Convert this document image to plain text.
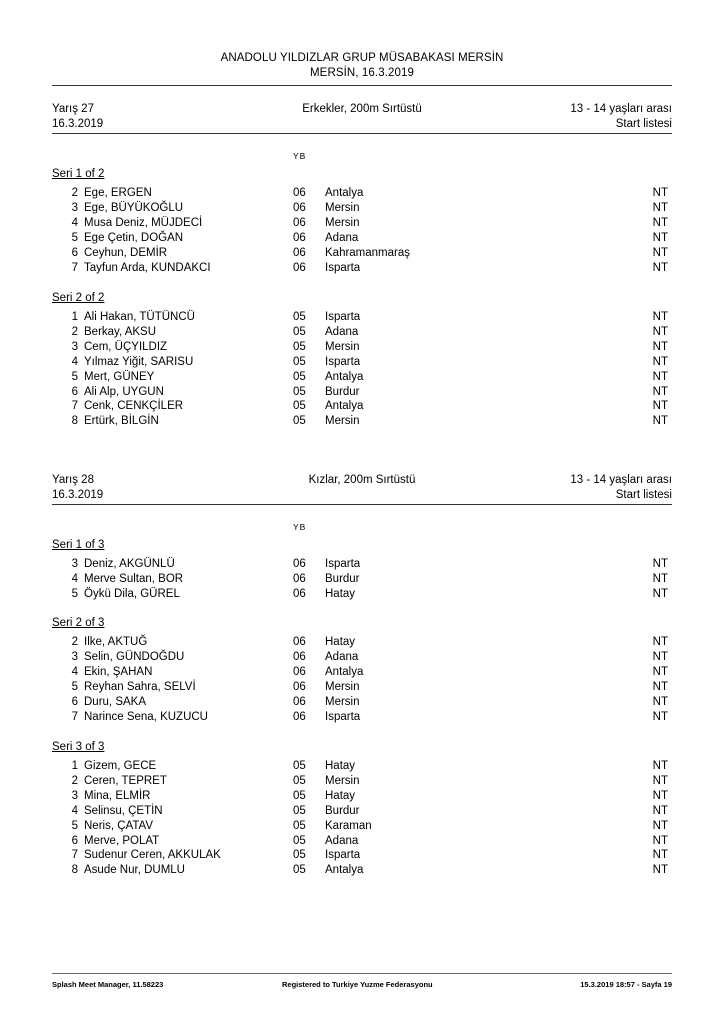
ANADOLU YILDIZLAR GRUP MÜSABAKASI MERSİN
MERSİN, 16.3.2019
Yarış 27
16.3.2019
Erkekler, 200m Sırtüstü	13 - 14 yaşları arası
Start listesi
YB
Seri 1 of 2
2 Ege, ERGEN	06 Antalya	NT
3 Ege, BÜYÜKOĞLU	06 Mersin	NT
4 Musa Deniz, MÜJDECİ	06 Mersin	NT
5 Ege Çetin, DOĞAN	06 Adana	NT
6 Ceyhun, DEMİR	06 Kahramanmaraş	NT
7 Tayfun Arda, KUNDAKCI	06 Isparta	NT
Seri 2 of 2
1 Ali Hakan, TÜTÜNCÜ	05 Isparta	NT
2 Berkay, AKSU	05 Adana	NT
3 Cem, ÜÇYILDIZ	05 Mersin	NT
4 Yılmaz Yiğit, SARISU	05 Isparta	NT
5 Mert, GÜNEY	05 Antalya	NT
6 Ali Alp, UYGUN	05 Burdur	NT
7 Cenk, CENKÇİLER	05 Antalya	NT
8 Ertürk, BİLGİN	05 Mersin	NT
Yarış 28
16.3.2019
Kızlar, 200m Sırtüstü	13 - 14 yaşları arası
Start listesi
YB
Seri 1 of 3
3 Deniz, AKGÜNLÜ	06 Isparta	NT
4 Merve Sultan, BOR	06 Burdur	NT
5 Öykü Dila, GÜREL	06 Hatay	NT
Seri 2 of 3
2 Ilke, AKTUĞ	06 Hatay	NT
3 Selin, GÜNDOĞDU	06 Adana	NT
4 Ekin, ŞAHAN	06 Antalya	NT
5 Reyhan Sahra, SELVİ	06 Mersin	NT
6 Duru, SAKA	06 Mersin	NT
7 Narince Sena, KUZUCU	06 Isparta	NT
Seri 3 of 3
1 Gizem, GECE	05 Hatay	NT
2 Ceren, TEPRET	05 Mersin	NT
3 Mina, ELMİR	05 Hatay	NT
4 Selinsu, ÇETİN	05 Burdur	NT
5 Neris, ÇATAV	05 Karaman	NT
6 Merve, POLAT	05 Adana	NT
7 Sudenur Ceren, AKKULAK	05 Isparta	NT
8 Asude Nur, DUMLU	05 Antalya	NT
Splash Meet Manager, 11.58223	Registered to Turkiye Yuzme Federasyonu	15.3.2019 18:57 - Sayfa 19
